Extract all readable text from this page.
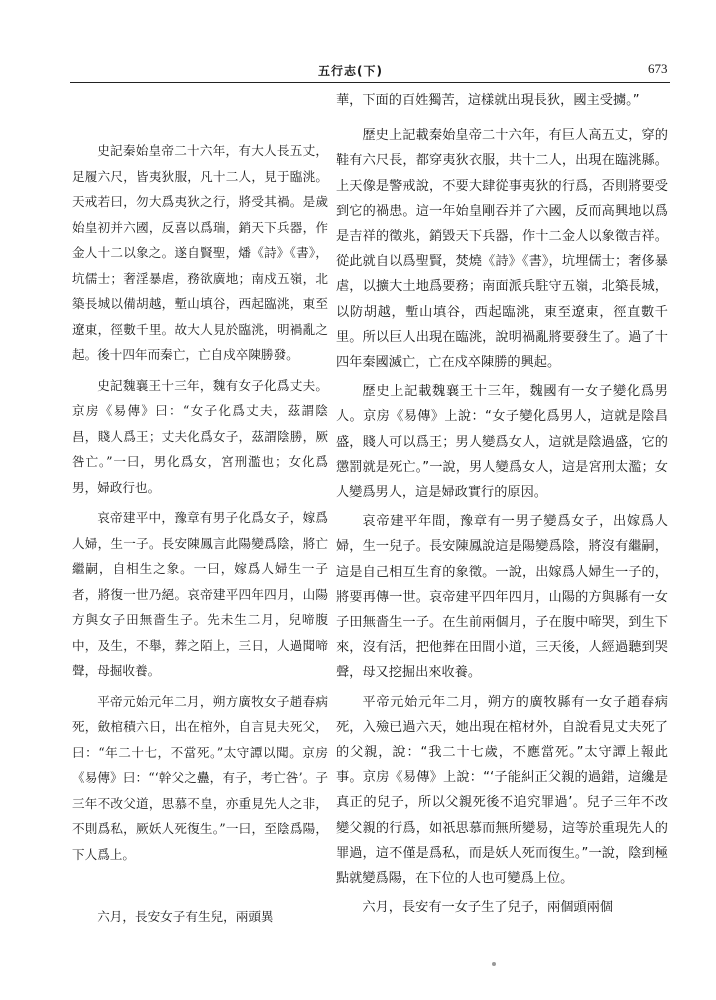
五行志(下)	673

史記秦始皇帝二十六年，有大人長五丈，足履六尺，皆夷狄服，凡十二人，見于臨洮。天戒若曰，勿大爲夷狄之行，將受其禍。是歲始皇初并六國，反喜以爲瑞，銷天下兵器，作金人十二以象之。遂自賢聖，燔《詩》《書》，坑儒士；奢淫暴虐，務欲廣地；南戍五嶺，北築長城以備胡越，塹山填谷，西起臨洮，東至遼東，徑數千里。故大人見於臨洮，明禍亂之起。後十四年而秦亡，亡自戍卒陳勝發。

史記魏襄王十三年，魏有女子化爲丈夫。京房《易傳》曰：“女子化爲丈夫，茲謂陰昌，賤人爲王；丈夫化爲女子，茲謂陰勝，厥咎亡。”一曰，男化爲女，宮刑濫也；女化爲男，婦政行也。

哀帝建平中，豫章有男子化爲女子，嫁爲人婦，生一子。長安陳鳳言此陽變爲陰，將亡繼嗣，自相生之象。一曰，嫁爲人婦生一子者，將復一世乃絕。哀帝建平四年四月，山陽方與女子田無嗇生子。先未生二月，兒啼腹中，及生，不舉，葬之陌上，三日，人過聞啼聲，母掘收養。

平帝元始元年二月，朔方廣牧女子趙春病死，斂棺積六日，出在棺外，自言見夫死父，曰：“年二十七，不當死。”太守譚以聞。京房《易傳》曰：“‘幹父之蠱，有子，考亡咎’。子三年不改父道，思慕不皇，亦重見先人之非，不則爲私，厥妖人死復生。”一曰，至陰爲陽，下人爲上。

六月，長安女子有生兒，兩頭異

華，下面的百姓獨苦，這樣就出現長狄，國主受擄。”

歷史上記載秦始皇帝二十六年，有巨人高五丈，穿的鞋有六尺長，都穿夷狄衣服，共十二人，出現在臨洮縣。上天像是警戒說，不要大肆從事夷狄的行爲，否則將要受到它的禍患。這一年始皇剛吞并了六國，反而高興地以爲是吉祥的徵兆，銷毀天下兵器，作十二金人以象徵吉祥。從此就自以爲聖賢，焚燒《詩》《書》，坑埋儒士；奢侈暴虐，以擴大土地爲要務；南面派兵駐守五嶺，北築長城，以防胡越，塹山填谷，西起臨洮，東至遼東，徑直數千里。所以巨人出現在臨洮，說明禍亂將要發生了。過了十四年秦國滅亡，亡在戍卒陳勝的興起。

歷史上記載魏襄王十三年，魏國有一女子變化爲男人。京房《易傳》上說：“女子變化爲男人，這就是陰昌盛，賤人可以爲王；男人變爲女人，這就是陰過盛，它的懲罰就是死亡。”一說，男人變爲女人，這是宮刑太濫；女人變爲男人，這是婦政實行的原因。

哀帝建平年間，豫章有一男子變爲女子，出嫁爲人婦，生一兒子。長安陳鳳說這是陽變爲陰，將沒有繼嗣，這是自己相互生育的象徵。一說，出嫁爲人婦生一子的，將要再傳一世。哀帝建平四年四月，山陽的方與縣有一女子田無嗇生一子。在生前兩個月，子在腹中啼哭，到生下來，沒有活，把他葬在田間小道，三天後，人經過聽到哭聲，母又挖掘出來收養。

平帝元始元年二月，朔方的廣牧縣有一女子趙春病死，入殮已過六天，她出現在棺材外，自說看見丈夫死了的父親，說：“我二十七歲，不應當死。”太守譚上報此事。京房《易傳》上說：“‘子能糾正父親的過錯，這纔是真正的兒子，所以父親死後不追究罪過’。兒子三年不改變父親的行爲，如祇思慕而無所變易，這等於重現先人的罪過，這不僅是爲私，而是妖人死而復生。”一說，陰到極點就變爲陽，在下位的人也可變爲上位。

六月，長安有一女子生了兒子，兩個頭兩個
